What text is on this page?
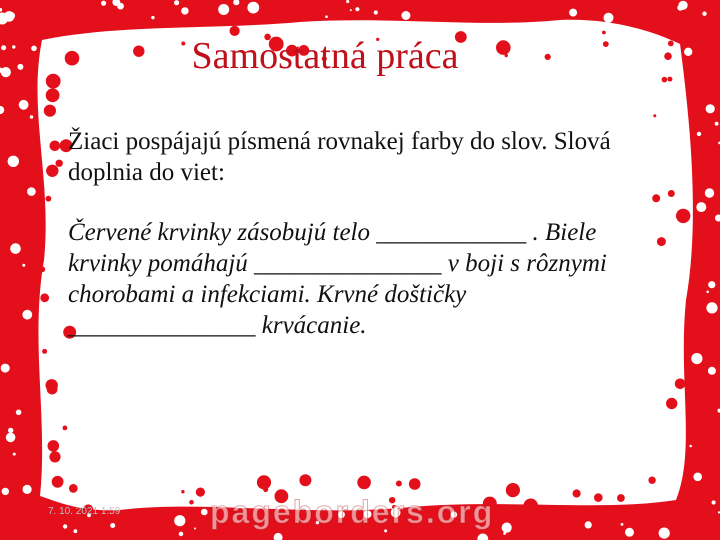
Samostatná práca
Žiaci pospájajú písmená rovnakej farby do slov. Slová doplnia do viet:
Červené krvinky zásobujú telo ____________ . Biele krvinky pomáhajú _______________ v boji s rôznymi chorobami a infekciami. Krvné doštičky _______________ krvácanie.
7. 10. 2021 1:59	pageborders.org
